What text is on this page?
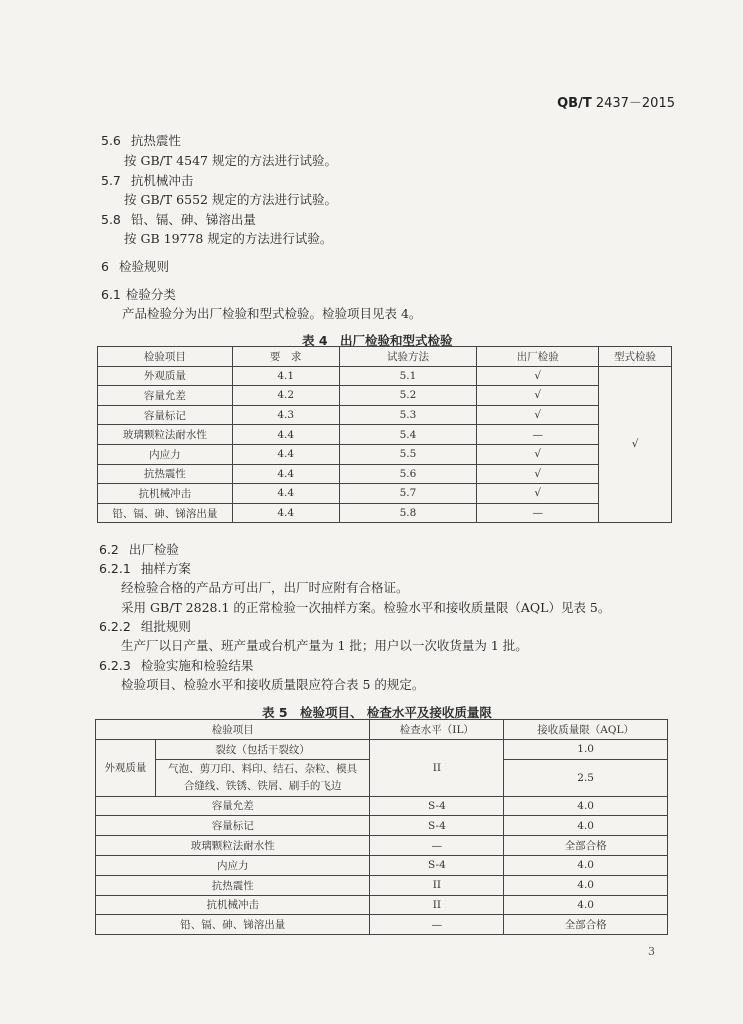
QB/T 2437－2015
5.6 抗热震性
按 GB/T 4547 规定的方法进行试验。
5.7 抗机械冲击
按 GB/T 6552 规定的方法进行试验。
5.8 铅、镉、砷、锑溶出量
按 GB 19778 规定的方法进行试验。
6 检验规则
6.1 检验分类
产品检验分为出厂检验和型式检验。检验项目见表 4。
表 4　出厂检验和型式检验
检验项目	要　求	试验方法	出厂检验	型式检验
外观质量	4.1	5.1	√	√
容量允差	4.2	5.2	√	
容量标记	4.3	5.3	√	
玻璃颗粒法耐水性	4.4	5.4	—	
内应力	4.4	5.5	√	
抗热震性	4.4	5.6	√	
抗机械冲击	4.4	5.7	√	
铅、镉、砷、锑溶出量	4.4	5.8	—	
6.2 出厂检验
6.2.1 抽样方案
经检验合格的产品方可出厂，出厂时应附有合格证。
采用 GB/T 2828.1 的正常检验一次抽样方案。检验水平和接收质量限（AQL）见表 5。
6.2.2 组批规则
生产厂以日产量、班产量或台机产量为 1 批；用户以一次收货量为 1 批。
6.2.3 检验实施和检验结果
检验项目、检验水平和接收质量限应符合表 5 的规定。
表 5　检验项目、 检查水平及接收质量限
检验项目		检查水平（IL）	接收质量限（AQL）
外观质量	裂纹（包括干裂纹）	II	1.0

	气泡、剪刀印、料印、结石、杂粒、模具
合缝线、铁锈、铁屑、刷手的飞边		2.5
容量允差		S-4	4.0
容量标记		S-4	4.0
玻璃颗粒法耐水性		—	全部合格
内应力		S-4	4.0
抗热震性		II	4.0
抗机械冲击		II	4.0
铅、镉、砷、锑溶出量		—	全部合格
3
